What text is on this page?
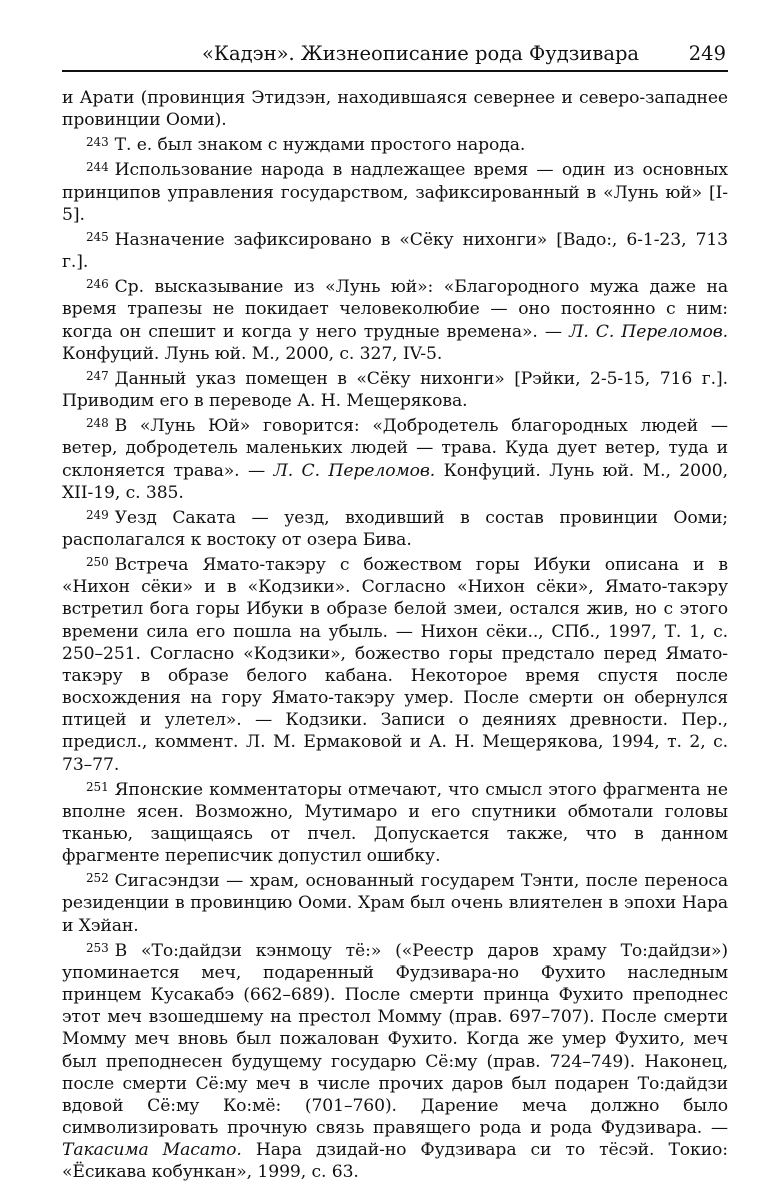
«Кадэн». Жизнеописание рода Фудзивара	249

и Арати (провинция Этидзэн, находившаяся севернее и северо-западнее провинции Ооми).

$^{243}$ Т. е. был знаком с нуждами простого народа.

$^{244}$ Использование народа в надлежащее время — один из основных принципов управления государством, зафиксированный в «Лунь юй» [I-5].

$^{245}$ Назначение зафиксировано в «Сёку нихонги» [Вадо:, 6-1-23, 713 г.].

$^{246}$ Ср. высказывание из «Лунь юй»: «Благородного мужа даже на время трапезы не покидает человеколюбие — оно постоянно с ним: когда он спешит и когда у него трудные времена». — Л. С. Переломов. Конфуций. Лунь юй. М., 2000, с. 327, IV-5.

$^{247}$ Данный указ помещен в «Сёку нихонги» [Рэйки, 2-5-15, 716 г.]. Приводим его в переводе А. Н. Мещерякова.

$^{248}$ В «Лунь Юй» говорится: «Добродетель благородных людей — ветер, добродетель маленьких людей — трава. Куда дует ветер, туда и склоняется трава». — Л. С. Переломов. Конфуций. Лунь юй. М., 2000, XII-19, с. 385.

$^{249}$ Уезд Саката — уезд, входивший в состав провинции Ооми; располагался к востоку от озера Бива.

$^{250}$ Встреча Ямато-такэру с божеством горы Ибуки описана и в «Нихон сёки» и в «Кодзики». Согласно «Нихон сёки», Ямато-такэру встретил бога горы Ибуки в образе белой змеи, остался жив, но с этого времени сила его пошла на убыль. — Нихон сёки.., СПб., 1997, Т. 1, с. 250–251. Согласно «Кодзики», божество горы предстало перед Ямато-такэру в образе белого кабана. Некоторое время спустя после восхождения на гору Ямато-такэру умер. После смерти он обернулся птицей и улетел». — Кодзики. Записи о деяниях древности. Пер., предисл., коммент. Л. М. Ермаковой и А. Н. Мещерякова, 1994, т. 2, с. 73–77.

$^{251}$ Японские комментаторы отмечают, что смысл этого фрагмента не вполне ясен. Возможно, Мутимаро и его спутники обмотали головы тканью, защищаясь от пчел. Допускается также, что в данном фрагменте переписчик допустил ошибку.

$^{252}$ Сигасэндзи — храм, основанный государем Тэнти, после переноса резиденции в провинцию Ооми. Храм был очень влиятелен в эпохи Нара и Хэйан.

$^{253}$ В «То:дайдзи кэнмоцу тё:» («Реестр даров храму То:дайдзи») упоминается меч, подаренный Фудзивара-но Фухито наследным принцем Кусакабэ (662–689). После смерти принца Фухито преподнес этот меч взошедшему на престол Момму (прав. 697–707). После смерти Момму меч вновь был пожалован Фухито. Когда же умер Фухито, меч был преподнесен будущему государю Сё:му (прав. 724–749). Наконец, после смерти Сё:му меч в числе прочих даров был подарен То:дайдзи вдовой Сё:му Ко:мё: (701–760). Дарение меча должно было символизировать прочную связь правящего рода и рода Фудзивара. — Такасима Масато. Нара дзидай-но Фудзивара си то тёсэй. Токио: «Ёсикава кобункан», 1999, с. 63.
